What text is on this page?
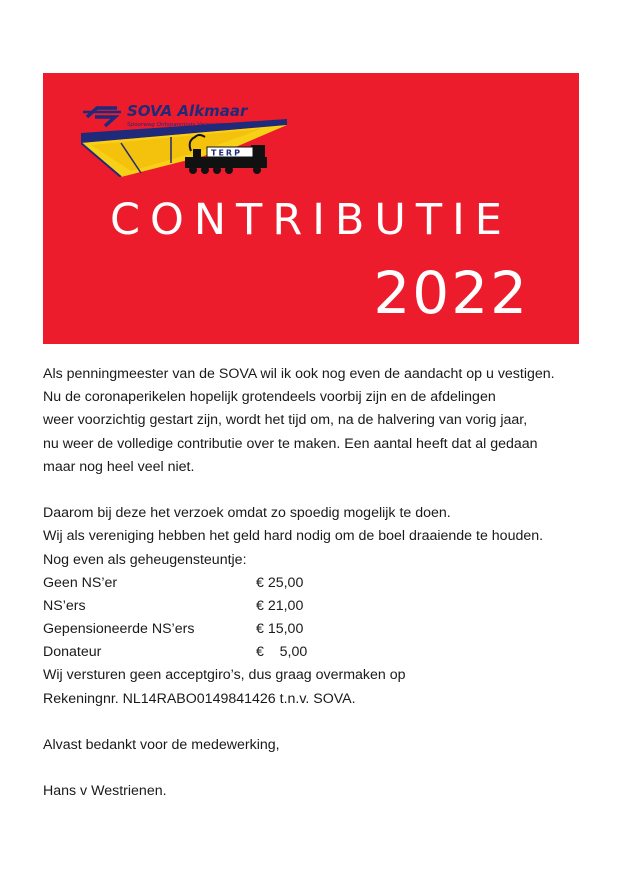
SOVA Alkmaar
Spoorweg Ontspannings Vereniging
TERP
CONTRIBUTIE
2022
Als penningmeester van de SOVA wil ik ook nog even de aandacht op u vestigen.
Nu de coronaperikelen hopelijk grotendeels voorbij zijn en de afdelingen
weer voorzichtig gestart zijn, wordt het tijd om, na de halvering van vorig jaar,
nu weer de volledige contributie over te maken. Een aantal heeft dat al gedaan
maar nog heel veel niet.
Daarom bij deze het verzoek omdat zo spoedig mogelijk te doen.
Wij als vereniging hebben het geld hard nodig om de boel draaiende te houden.
Nog even als geheugensteuntje:
Geen NS’er	€ 25,00
NS’ers	€ 21,00
Gepensioneerde NS’ers	€ 15,00
Donateur	€    5,00
Wij versturen geen acceptgiro’s, dus graag overmaken op
Rekeningnr. NL14RABO0149841426 t.n.v. SOVA.
Alvast bedankt voor de medewerking,
Hans v Westrienen.
